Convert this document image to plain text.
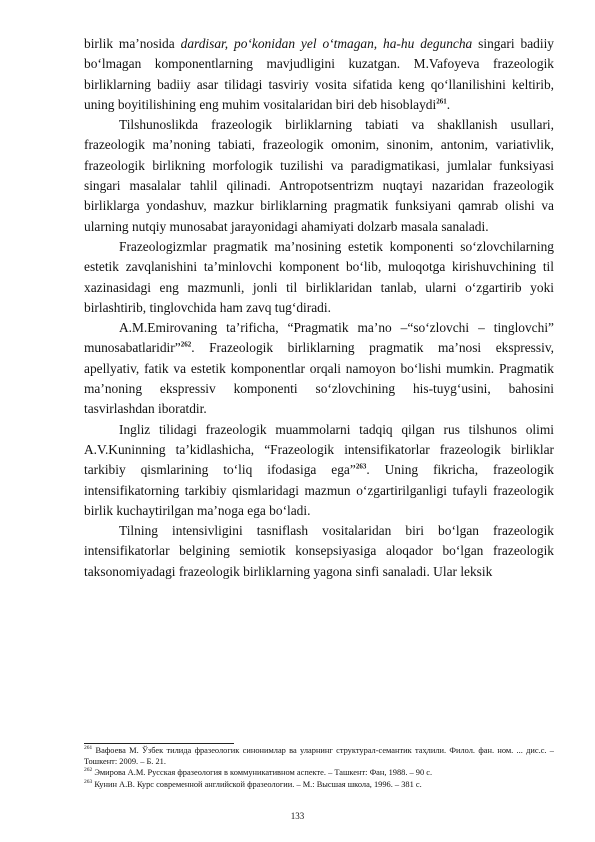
birlik ma’nosida dardisar, po‘konidan yel o‘tmagan, ha-hu deguncha singari badiiy bo‘lmagan komponentlarning mavjudligini kuzatgan. M.Vafoyeva frazeologik birliklarning badiiy asar tilidagi tasviriy vosita sifatida keng qo‘llanilishini keltirib, uning boyitilishining eng muhim vositalaridan biri deb hisoblaydi$^{261}$.

Tilshunoslikda frazeologik birliklarning tabiati va shakllanish usullari, frazeologik ma’noning tabiati, frazeologik omonim, sinonim, antonim, variativlik, frazeologik birlikning morfologik tuzilishi va paradigmatikasi, jumlalar funksiyasi singari masalalar tahlil qilinadi. Antropotsentrizm nuqtayi nazaridan frazeologik birliklarga yondashuv, mazkur birliklarning pragmatik funksiyani qamrab olishi va ularning nutqiy munosabat jarayonidagi ahamiyati dolzarb masala sanaladi.

Frazeologizmlar pragmatik ma’nosining estetik komponenti so‘zlovchilarning estetik zavqlanishini ta’minlovchi komponent bo‘lib, muloqotga kirishuvchining til xazinasidagi eng mazmunli, jonli til birliklaridan tanlab, ularni o‘zgartirib yoki birlashtirib, tinglovchida ham zavq tug‘diradi.

A.M.Emirovaning ta’rificha, “Pragmatik ma’no –“so‘zlovchi – tinglovchi” munosabatlaridir”$^{262}$. Frazeologik birliklarning pragmatik ma’nosi ekspressiv, apellyativ, fatik va estetik komponentlar orqali namoyon bo‘lishi mumkin. Pragmatik ma’noning ekspressiv komponenti so‘zlovchining his-tuyg‘usini, bahosini tasvirlashdan iboratdir.

Ingliz tilidagi frazeologik muammolarni tadqiq qilgan rus tilshunos olimi A.V.Kuninning ta’kidlashicha, “Frazeologik intensifikatorlar frazeologik birliklar tarkibiy qismlarining to‘liq ifodasiga ega”$^{263}$. Uning fikricha, frazeologik intensifikatorning tarkibiy qismlaridagi mazmun o‘zgartirilganligi tufayli frazeologik birlik kuchaytirilgan ma’noga ega bo‘ladi.

Tilning intensivligini tasniflash vositalaridan biri bo‘lgan frazeologik intensifikatorlar belgining semiotik konsepsiyasiga aloqador bo‘lgan frazeologik taksonomiyadagi frazeologik birliklarning yagona sinfi sanaladi. Ular leksik

$^{261}$ Вафоева М. Ўзбек тилида фразеологик синонимлар ва уларнинг структурал-семантик таҳлили. Филол. фан. ном. ... дис.с. – Тошкент: 2009. – Б. 21.

$^{262}$ Эмирова А.М. Русская фразеология в коммуникативном аспекте. – Ташкент: Фан, 1988. – 90 с.

$^{263}$ Кунин А.В. Курс современной английской фразеологии. – М.: Высшая школа, 1996. – 381 с.

133
